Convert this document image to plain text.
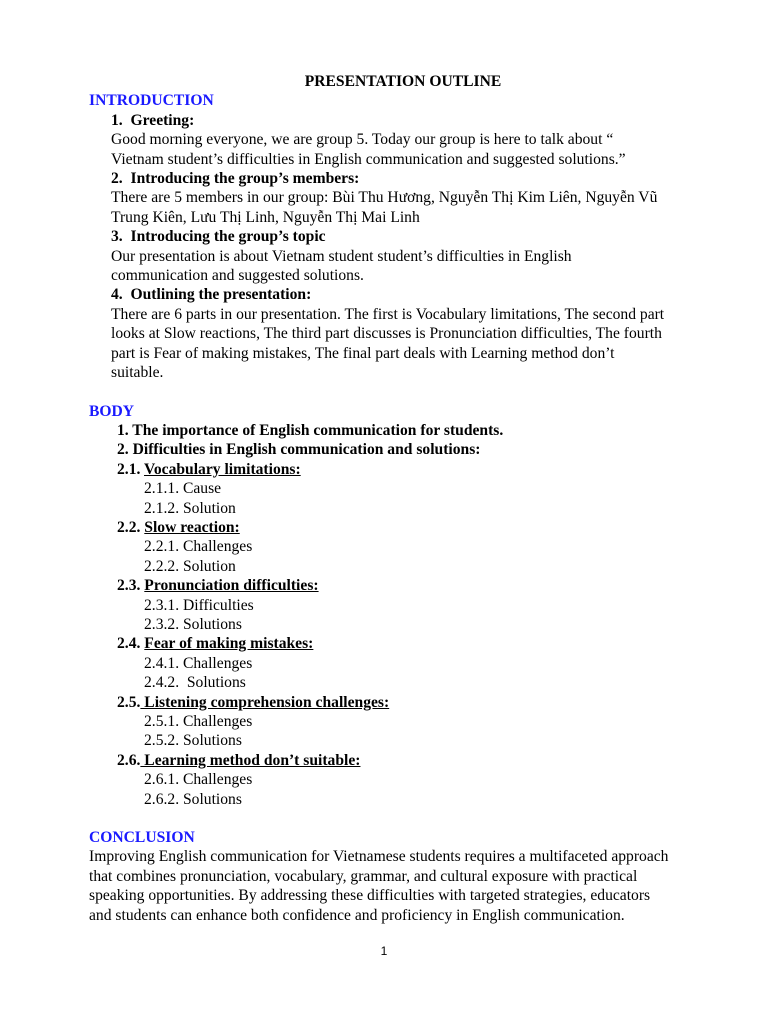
PRESENTATION OUTLINE
INTRODUCTION
1. Greeting:
Good morning everyone, we are group 5. Today our group is here to talk about “
Vietnam student’s difficulties in English communication and suggested solutions.”
2. Introducing the group’s members:
There are 5 members in our group: Bùi Thu Hương, Nguyễn Thị Kim Liên, Nguyễn Vũ
Trung Kiên, Lưu Thị Linh, Nguyễn Thị Mai Linh
3. Introducing the group’s topic
Our presentation is about Vietnam student student’s difficulties in English
communication and suggested solutions.
4. Outlining the presentation:
There are 6 parts in our presentation. The first is Vocabulary limitations, The second part
looks at Slow reactions, The third part discusses is Pronunciation difficulties, The fourth
part is Fear of making mistakes, The final part deals with Learning method don’t
suitable.
BODY
1. The importance of English communication for students.
2. Difficulties in English communication and solutions:
2.1. Vocabulary limitations:
2.1.1. Cause
2.1.2. Solution
2.2. Slow reaction:
2.2.1. Challenges
2.2.2. Solution
2.3. Pronunciation difficulties:
2.3.1. Difficulties
2.3.2. Solutions
2.4. Fear of making mistakes:
2.4.1. Challenges
2.4.2.  Solutions
2.5. Listening comprehension challenges:
2.5.1. Challenges
2.5.2. Solutions
2.6. Learning method don’t suitable:
2.6.1. Challenges
2.6.2. Solutions
CONCLUSION
Improving English communication for Vietnamese students requires a multifaceted approach
that combines pronunciation, vocabulary, grammar, and cultural exposure with practical
speaking opportunities. By addressing these difficulties with targeted strategies, educators
and students can enhance both confidence and proficiency in English communication.
1
